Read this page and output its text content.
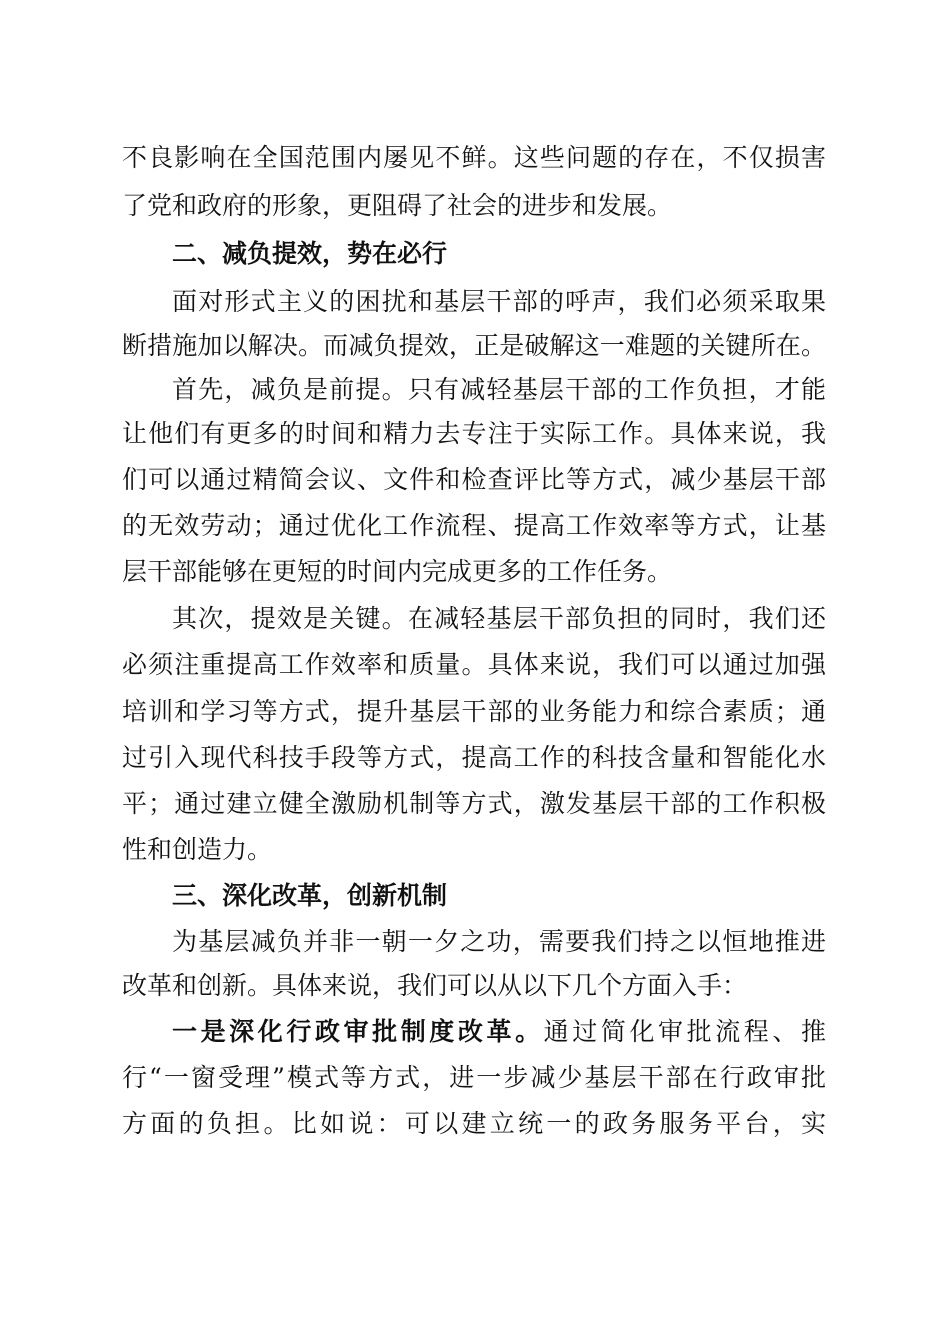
不良影响在全国范围内屡见不鲜。这些问题的存在，不仅损害
了党和政府的形象，更阻碍了社会的进步和发展。
二、减负提效，势在必行
面对形式主义的困扰和基层干部的呼声，我们必须采取果
断措施加以解决。而减负提效，正是破解这一难题的关键所在。
首先，减负是前提。只有减轻基层干部的工作负担，才能
让他们有更多的时间和精力去专注于实际工作。具体来说，我
们可以通过精简会议、文件和检查评比等方式，减少基层干部
的无效劳动；通过优化工作流程、提高工作效率等方式，让基
层干部能够在更短的时间内完成更多的工作任务。
其次，提效是关键。在减轻基层干部负担的同时，我们还
必须注重提高工作效率和质量。具体来说，我们可以通过加强
培训和学习等方式，提升基层干部的业务能力和综合素质；通
过引入现代科技手段等方式，提高工作的科技含量和智能化水
平；通过建立健全激励机制等方式，激发基层干部的工作积极
性和创造力。
三、深化改革，创新机制
为基层减负并非一朝一夕之功，需要我们持之以恒地推进
改革和创新。具体来说，我们可以从以下几个方面入手：
一是深化行政审批制度改革。通过简化审批流程、推
行“一窗受理”模式等方式，进一步减少基层干部在行政审批
方面的负担。比如说：可以建立统一的政务服务平台，实
